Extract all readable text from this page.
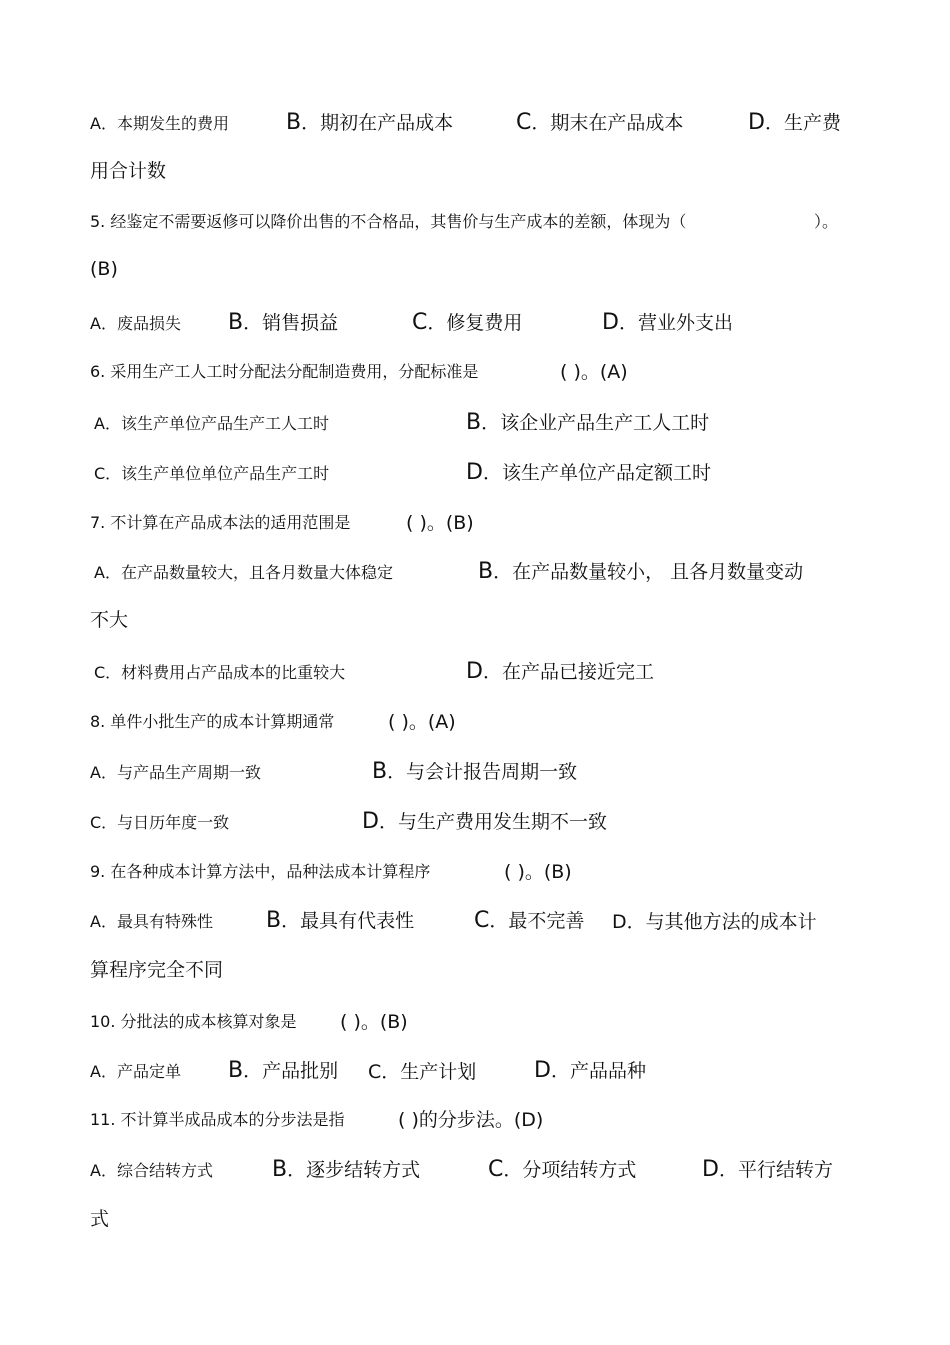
A．本期发生的费用	B．期初在产品成本	C．期末在产品成本	D．生产费
用合计数
5. 经鉴定不需要返修可以降价出售的不合格品，其售价与生产成本的差额，体现为（	）。
(B)
A．废品损失 B．销售损益	C．修复费用	D．营业外支出
6. 采用生产工人工时分配法分配制造费用，分配标准是	( )。(A)
A．该生产单位产品生产工人工时	B．该企业产品生产工人工时
C．该生产单位单位产品生产工时	D．该生产单位产品定额工时
7. 不计算在产品成本法的适用范围是	( )。(B)
A．在产品数量较大，且各月数量大体稳定	B．在产品数量较小， 且各月数量变动
不大
C．材料费用占产品成本的比重较大	D．在产品已接近完工
8. 单件小批生产的成本计算期通常	( )。(A)
A．与产品生产周期一致	B．与会计报告周期一致
C．与日历年度一致	D．与生产费用发生期不一致
9. 在各种成本计算方法中，品种法成本计算程序	( )。(B)
A．最具有特殊性 B．最具有代表性	C．最不完善 D．与其他方法的成本计
算程序完全不同
10. 分批法的成本核算对象是 ( )。(B)
A．产品定单 B．产品批别 C．生产计划	D．产品品种
11. 不计算半成品成本的分步法是指	( )的分步法。(D)
A．综合结转方式	B．逐步结转方式	C．分项结转方式	D．平行结转方
式
